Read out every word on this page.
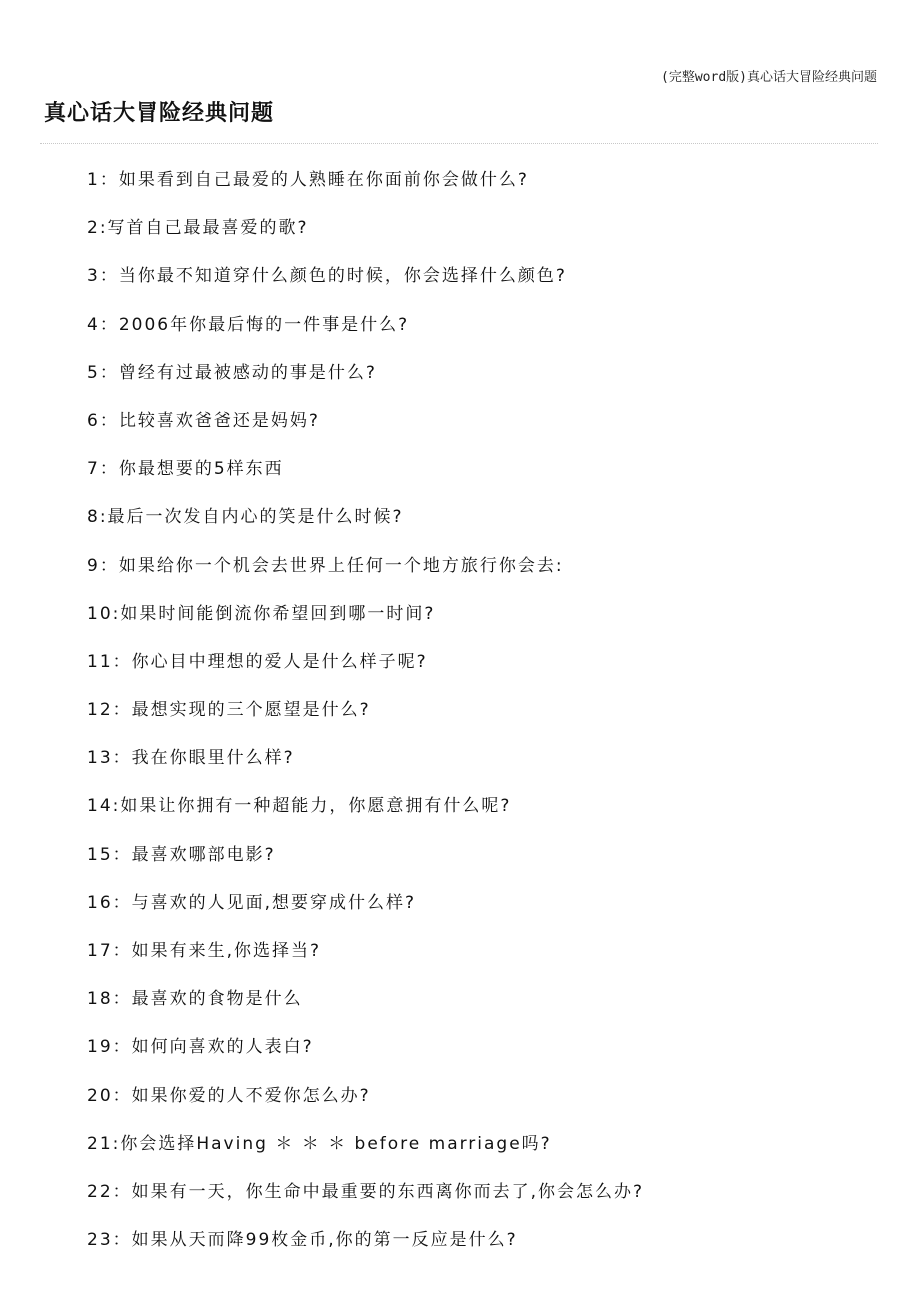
(完整word版)真心话大冒险经典问题
真心话大冒险经典问题
1：如果看到自己最爱的人熟睡在你面前你会做什么?
2:写首自己最最喜爱的歌?
3：当你最不知道穿什么颜色的时候，你会选择什么颜色?
4：2006年你最后悔的一件事是什么?
5：曾经有过最被感动的事是什么?
6：比较喜欢爸爸还是妈妈?
7：你最想要的5样东西
8:最后一次发自内心的笑是什么时候?
9：如果给你一个机会去世界上任何一个地方旅行你会去:
10:如果时间能倒流你希望回到哪一时间?
11：你心目中理想的爱人是什么样子呢?
12：最想实现的三个愿望是什么?
13：我在你眼里什么样?
14:如果让你拥有一种超能力，你愿意拥有什么呢?
15：最喜欢哪部电影?
16：与喜欢的人见面,想要穿成什么样?
17：如果有来生,你选择当?
18：最喜欢的食物是什么
19：如何向喜欢的人表白?
20：如果你爱的人不爱你怎么办?
21:你会选择Having ＊ ＊ ＊ before marriage吗?
22：如果有一天，你生命中最重要的东西离你而去了,你会怎么办?
23：如果从天而降99枚金币,你的第一反应是什么?
